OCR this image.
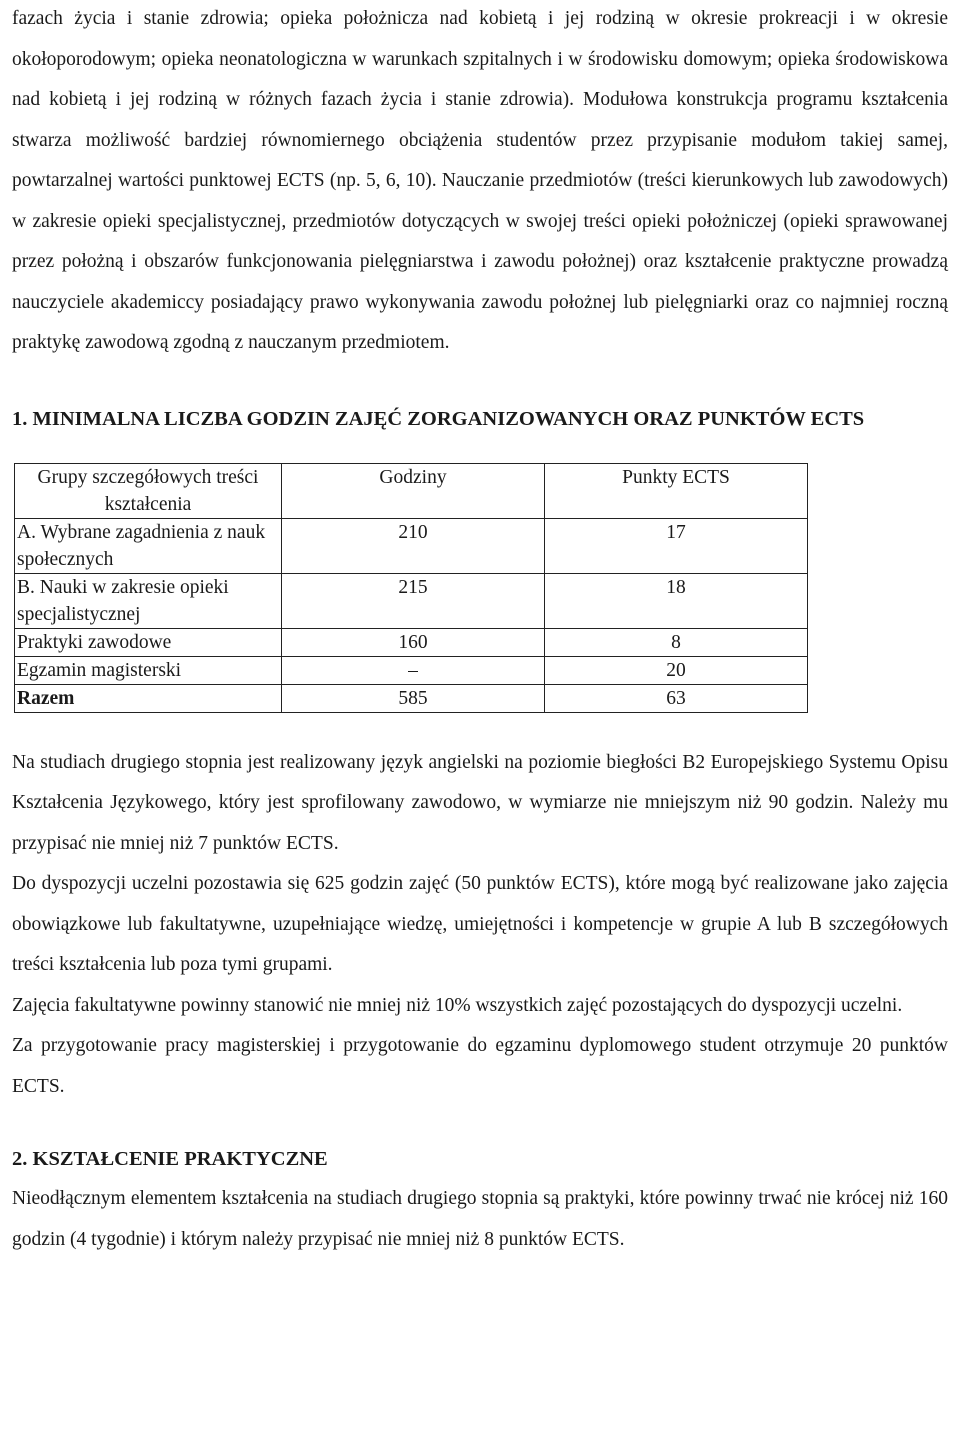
fazach życia i stanie zdrowia; opieka położnicza nad kobietą i jej rodziną w okresie prokreacji i w okresie okołoporodowym; opieka neonatologiczna w warunkach szpitalnych i w środowisku domowym; opieka środowiskowa nad kobietą i jej rodziną w różnych fazach życia i stanie zdrowia). Modułowa konstrukcja programu kształcenia stwarza możliwość bardziej równomiernego obciążenia studentów przez przypisanie modułom takiej samej, powtarzalnej wartości punktowej ECTS (np. 5, 6, 10). Nauczanie przedmiotów (treści kierunkowych lub zawodowych) w zakresie opieki specjalistycznej, przedmiotów dotyczących w swojej treści opieki położniczej (opieki sprawowanej przez położną i obszarów funkcjonowania pielęgniarstwa i zawodu położnej) oraz kształcenie praktyczne prowadzą nauczyciele akademiccy posiadający prawo wykonywania zawodu położnej lub pielęgniarki oraz co najmniej roczną praktykę zawodową zgodną z nauczanym przedmiotem.

1. MINIMALNA LICZBA GODZIN ZAJĘĆ ZORGANIZOWANYCH ORAZ PUNKTÓW ECTS
Grupy szczegółowych treści kształcenia	Godziny	Punkty ECTS
A. Wybrane zagadnienia z nauk społecznych	210	17
B. Nauki w zakresie opieki specjalistycznej	215	18
Praktyki zawodowe	160	8
Egzamin magisterski	–	20
Razem	585	63

Na studiach drugiego stopnia jest realizowany język angielski na poziomie biegłości B2 Europejskiego Systemu Opisu Kształcenia Językowego, który jest sprofilowany zawodowo, w wymiarze nie mniejszym niż 90 godzin. Należy mu przypisać nie mniej niż 7 punktów ECTS.

Do dyspozycji uczelni pozostawia się 625 godzin zajęć (50 punktów ECTS), które mogą być realizowane jako zajęcia obowiązkowe lub fakultatywne, uzupełniające wiedzę, umiejętności i kompetencje w grupie A lub B szczegółowych treści kształcenia lub poza tymi grupami.

Zajęcia fakultatywne powinny stanowić nie mniej niż 10% wszystkich zajęć pozostających do dyspozycji uczelni.

Za przygotowanie pracy magisterskiej i przygotowanie do egzaminu dyplomowego student otrzymuje 20 punktów ECTS.

2. KSZTAŁCENIE PRAKTYCZNE

Nieodłącznym elementem kształcenia na studiach drugiego stopnia są praktyki, które powinny trwać nie krócej niż 160 godzin (4 tygodnie) i którym należy przypisać nie mniej niż 8 punktów ECTS.
